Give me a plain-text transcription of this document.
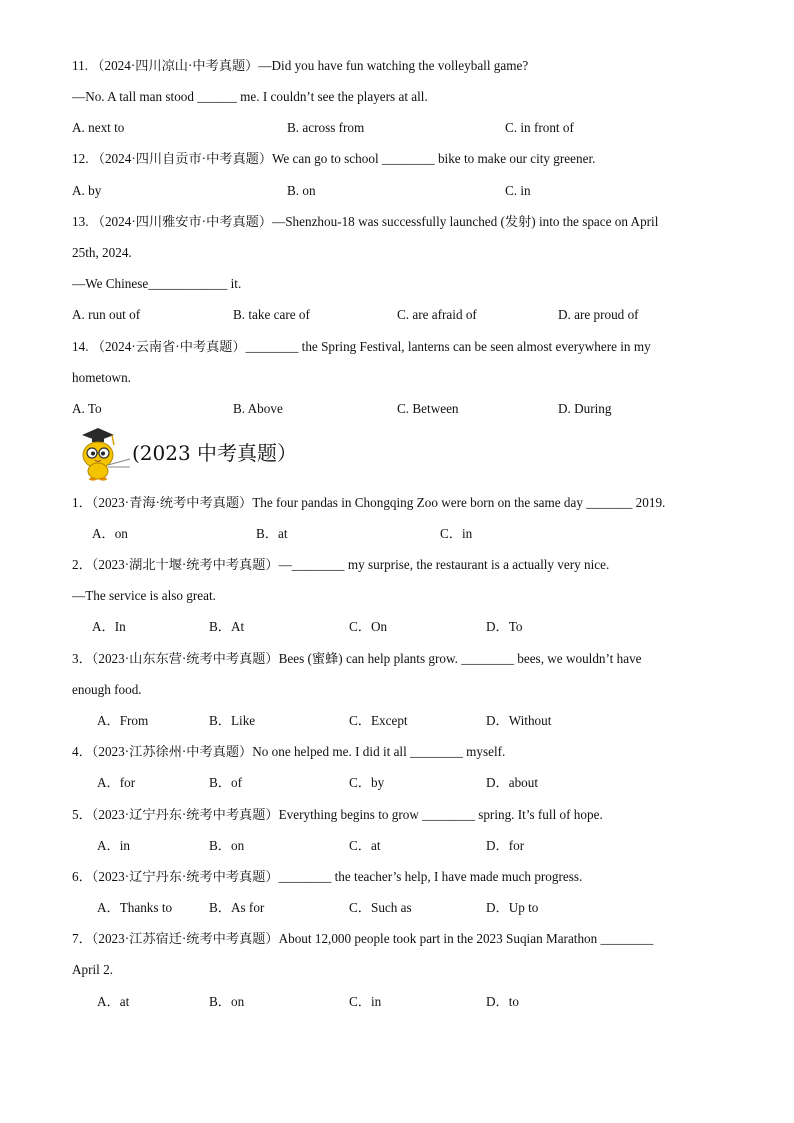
11. （2024·四川凉山·中考真题）—Did you have fun watching the volleyball game?
—No. A tall man stood ______ me. I couldn’t see the players at all.
A. next to	B. across from	C. in front of
12. （2024·四川自贡市·中考真题）We can go to school ________ bike to make our city greener.
A. by	B. on	C. in
13. （2024·四川雅安市·中考真题）—Shenzhou-18 was successfully launched (发射) into the space on April
25th, 2024.
—We Chinese____________ it.
A. run out of	B. take care of	C. are afraid of	D. are proud of
14. （2024·云南省·中考真题）________ the Spring Festival, lanterns can be seen almost everywhere in my
hometown.
A. To	B. Above	C. Between	D. During
(2023 中考真题）
1．（2023·青海·统考中考真题）The four pandas in Chongqing Zoo were born on the same day _______ 2019.
A．on	B．at	C．in
2．（2023·湖北十堰·统考中考真题）—________ my surprise, the restaurant is a actually very nice.
—The service is also great.
A．In	B．At	C．On	D．To
3．（2023·山东东营·统考中考真题）Bees (蜜蜂) can help plants grow. ________ bees, we wouldn’t have
enough food.
A．From	B．Like	C．Except	D．Without
4．（2023·江苏徐州·中考真题）No one helped me. I did it all ________ myself.
A．for	B．of	C．by	D．about
5．（2023·辽宁丹东·统考中考真题）Everything begins to grow ________ spring. It’s full of hope.
A．in	B．on	C．at	D．for
6．（2023·辽宁丹东·统考中考真题）________ the teacher’s help, I have made much progress.
A．Thanks to	B．As for	C．Such as	D．Up to
7．（2023·江苏宿迁·统考中考真题）About 12,000 people took part in the 2023 Suqian Marathon ________
April 2.
A．at	B．on	C．in	D．to
